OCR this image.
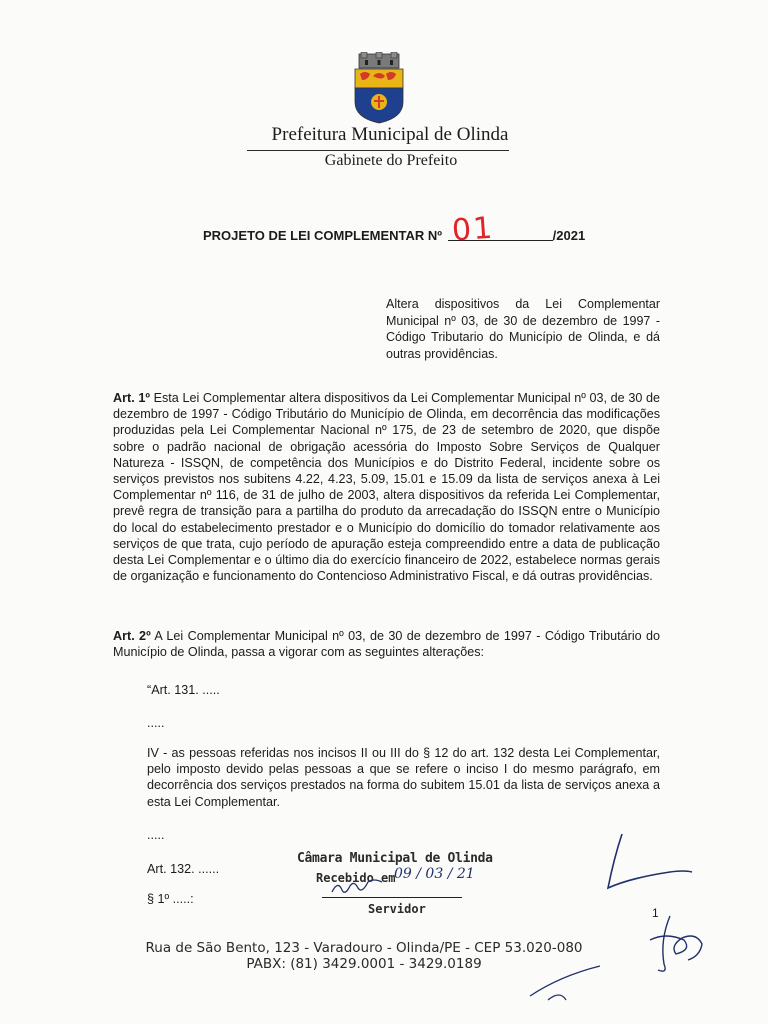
Prefeitura Municipal de Olinda
Gabinete do Prefeito
PROJETO DE LEI COMPLEMENTAR Nº	/2021
01
Altera dispositivos da Lei Complementar Municipal nº 03, de 30 de dezembro de 1997 - Código Tributario do Município de Olinda, e dá outras providências.
Art. 1º Esta Lei Complementar altera dispositivos da Lei Complementar Municipal nº 03, de 30 de dezembro de 1997 - Código Tributário do Município de Olinda, em decorrência das modificações produzidas pela Lei Complementar Nacional nº 175, de 23 de setembro de 2020, que dispõe sobre o padrão nacional de obrigação acessória do Imposto Sobre Serviços de Qualquer Natureza - ISSQN, de competência dos Municípios e do Distrito Federal, incidente sobre os serviços previstos nos subitens 4.22, 4.23, 5.09, 15.01 e 15.09 da lista de serviços anexa à Lei Complementar nº 116, de 31 de julho de 2003, altera dispositivos da referida Lei Complementar, prevê regra de transição para a partilha do produto da arrecadação do ISSQN entre o Município do local do estabelecimento prestador e o Município do domicílio do tomador relativamente aos serviços de que trata, cujo período de apuração esteja compreendido entre a data de publicação desta Lei Complementar e o último dia do exercício financeiro de 2022, estabelece normas gerais de organização e funcionamento do Contencioso Administrativo Fiscal, e dá outras providências.
Art. 2º A Lei Complementar Municipal nº 03, de 30 de dezembro de 1997 - Código Tributário do Município de Olinda, passa a vigorar com as seguintes alterações:
“Art. 131. .....
.....
IV - as pessoas referidas nos incisos II ou III do § 12 do art. 132 desta Lei Complementar, pelo imposto devido pelas pessoas a que se refere o inciso I do mesmo parágrafo, em decorrência dos serviços prestados na forma do subitem 15.01 da lista de serviços anexa a esta Lei Complementar.
.....
Art. 132. ......
§ 1º .....:
Câmara Municipal de Olinda
Recebido em
09 / 03 / 21
Servidor	1
Rua de São Bento, 123 - Varadouro - Olinda/PE - CEP 53.020-080
PABX: (81) 3429.0001 - 3429.0189
